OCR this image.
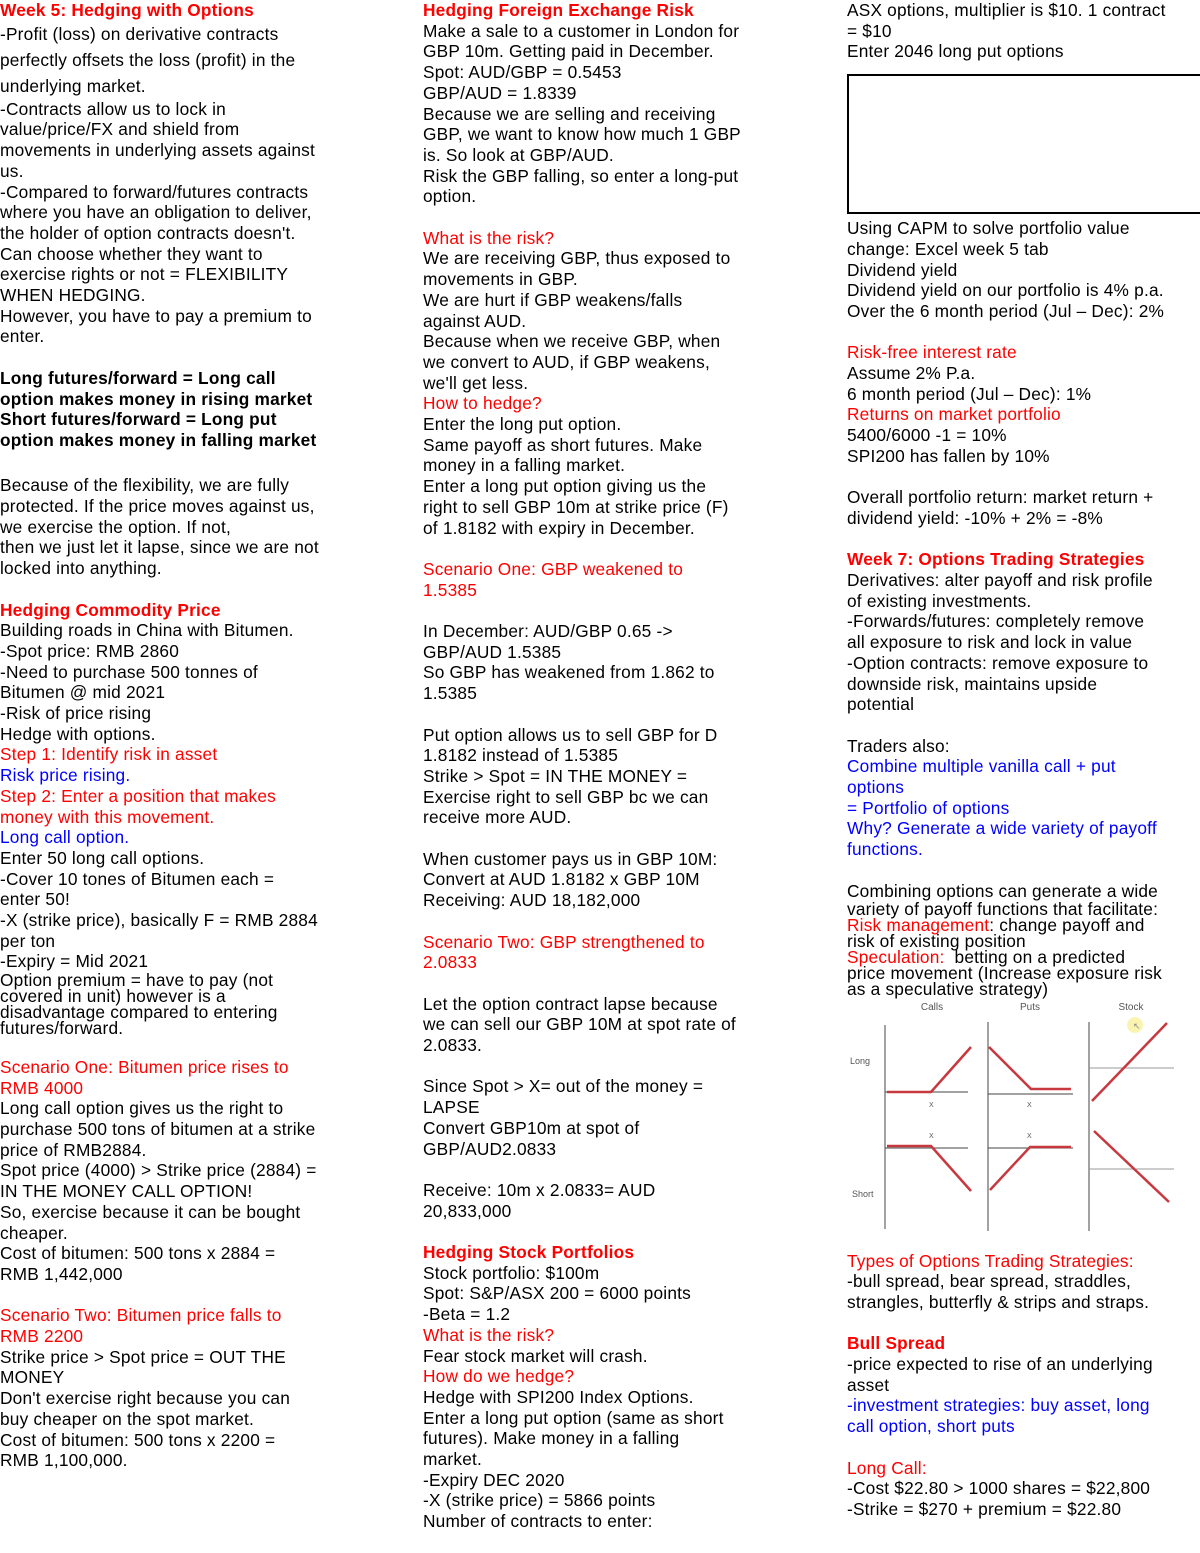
Week 5: Hedging with Options

-Profit (loss) on derivative contracts

perfectly offsets the loss (profit) in the

underlying market.

-Contracts allow us to lock in

value/price/FX and shield from

movements in underlying assets against

us.

-Compared to forward/futures contracts

where you have an obligation to deliver,

the holder of option contracts doesn't.

Can choose whether they want to

exercise rights or not = FLEXIBILITY

WHEN HEDGING.

However, you have to pay a premium to

enter.

Long futures/forward = Long call

option makes money in rising market

Short futures/forward = Long put

option makes money in falling market

Because of the flexibility, we are fully

protected. If the price moves against us,

we exercise the option. If not,

then we just let it lapse, since we are not

locked into anything.

Hedging Commodity Price

Building roads in China with Bitumen.

-Spot price: RMB 2860

-Need to purchase 500 tonnes of

Bitumen @ mid 2021

-Risk of price rising

Hedge with options.

Step 1: Identify risk in asset

Risk price rising.

Step 2: Enter a position that makes

money with this movement.

Long call option.

Enter 50 long call options.

-Cover 10 tones of Bitumen each =

enter 50!

-X (strike price), basically F = RMB 2884

per ton

-Expiry = Mid 2021

Option premium = have to pay (not

covered in unit) however is a

disadvantage compared to entering

futures/forward.

Scenario One: Bitumen price rises to

RMB 4000

Long call option gives us the right to

purchase 500 tons of bitumen at a strike

price of RMB2884.

Spot price (4000) > Strike price (2884) =

IN THE MONEY CALL OPTION!

So, exercise because it can be bought

cheaper.

Cost of bitumen: 500 tons x 2884 =

RMB 1,442,000

Scenario Two: Bitumen price falls to

RMB 2200

Strike price > Spot price = OUT THE

MONEY

Don't exercise right because you can

buy cheaper on the spot market.

Cost of bitumen: 500 tons x 2200 =

RMB 1,100,000.

Hedging Foreign Exchange Risk

Make a sale to a customer in London for

GBP 10m. Getting paid in December.

Spot: AUD/GBP = 0.5453

GBP/AUD = 1.8339

Because we are selling and receiving

GBP, we want to know how much 1 GBP

is. So look at GBP/AUD.

Risk the GBP falling, so enter a long-put

option.

What is the risk?

We are receiving GBP, thus exposed to

movements in GBP.

We are hurt if GBP weakens/falls

against AUD.

Because when we receive GBP, when

we convert to AUD, if GBP weakens,

we'll get less.

How to hedge?

Enter the long put option.

Same payoff as short futures. Make

money in a falling market.

Enter a long put option giving us the

right to sell GBP 10m at strike price (F)

of 1.8182 with expiry in December.

Scenario One: GBP weakened to

1.5385

In December: AUD/GBP 0.65 ->

GBP/AUD 1.5385

So GBP has weakened from 1.862 to

1.5385

Put option allows us to sell GBP for D

1.8182 instead of 1.5385

Strike > Spot = IN THE MONEY =

Exercise right to sell GBP bc we can

receive more AUD.

When customer pays us in GBP 10M:

Convert at AUD 1.8182 x GBP 10M

Receiving: AUD 18,182,000

Scenario Two: GBP strengthened to

2.0833

Let the option contract lapse because

we can sell our GBP 10M at spot rate of

2.0833.

Since Spot > X= out of the money =

LAPSE

Convert GBP10m at spot of

GBP/AUD2.0833

Receive: 10m x 2.0833= AUD

20,833,000

Hedging Stock Portfolios

Stock portfolio: $100m

Spot: S&P/ASX 200 = 6000 points

-Beta = 1.2

What is the risk?

Fear stock market will crash.

How do we hedge?

Hedge with SPI200 Index Options.

Enter a long put option (same as short

futures). Make money in a falling

market.

-Expiry DEC 2020

-X (strike price) = 5866 points

Number of contracts to enter:

ASX options, multiplier is $10. 1 contract

= $10

Enter 2046 long put options

Using CAPM to solve portfolio value

change: Excel week 5 tab

Dividend yield

Dividend yield on our portfolio is 4% p.a.

Over the 6 month period (Jul – Dec): 2%

Risk-free interest rate

Assume 2% P.a.

6 month period (Jul – Dec): 1%

Returns on market portfolio

5400/6000 -1 = 10%

SPI200 has fallen by 10%

Overall portfolio return: market return +

dividend yield: -10% + 2% = -8%

Week 7: Options Trading Strategies

Derivatives: alter payoff and risk profile

of existing investments.

-Forwards/futures: completely remove

all exposure to risk and lock in value

-Option contracts: remove exposure to

downside risk, maintains upside

potential

Traders also:

Combine multiple vanilla call + put

options

= Portfolio of options

Why? Generate a wide variety of payoff

functions.

Combining options can generate a wide

variety of payoff functions that facilitate:

Risk management: change payoff and

risk of existing position

Speculation:  betting on a predicted

price movement (Increase exposure risk

as a speculative strategy)

Calls	Puts	Stock
Long
Short
X	X
↖
X	X

Types of Options Trading Strategies:

-bull spread, bear spread, straddles,

strangles, butterfly & strips and straps.

Bull Spread

-price expected to rise of an underlying

asset

-investment strategies: buy asset, long

call option, short puts

Long Call:

-Cost $22.80 > 1000 shares = $22,800

-Strike = $270 + premium = $22.80
